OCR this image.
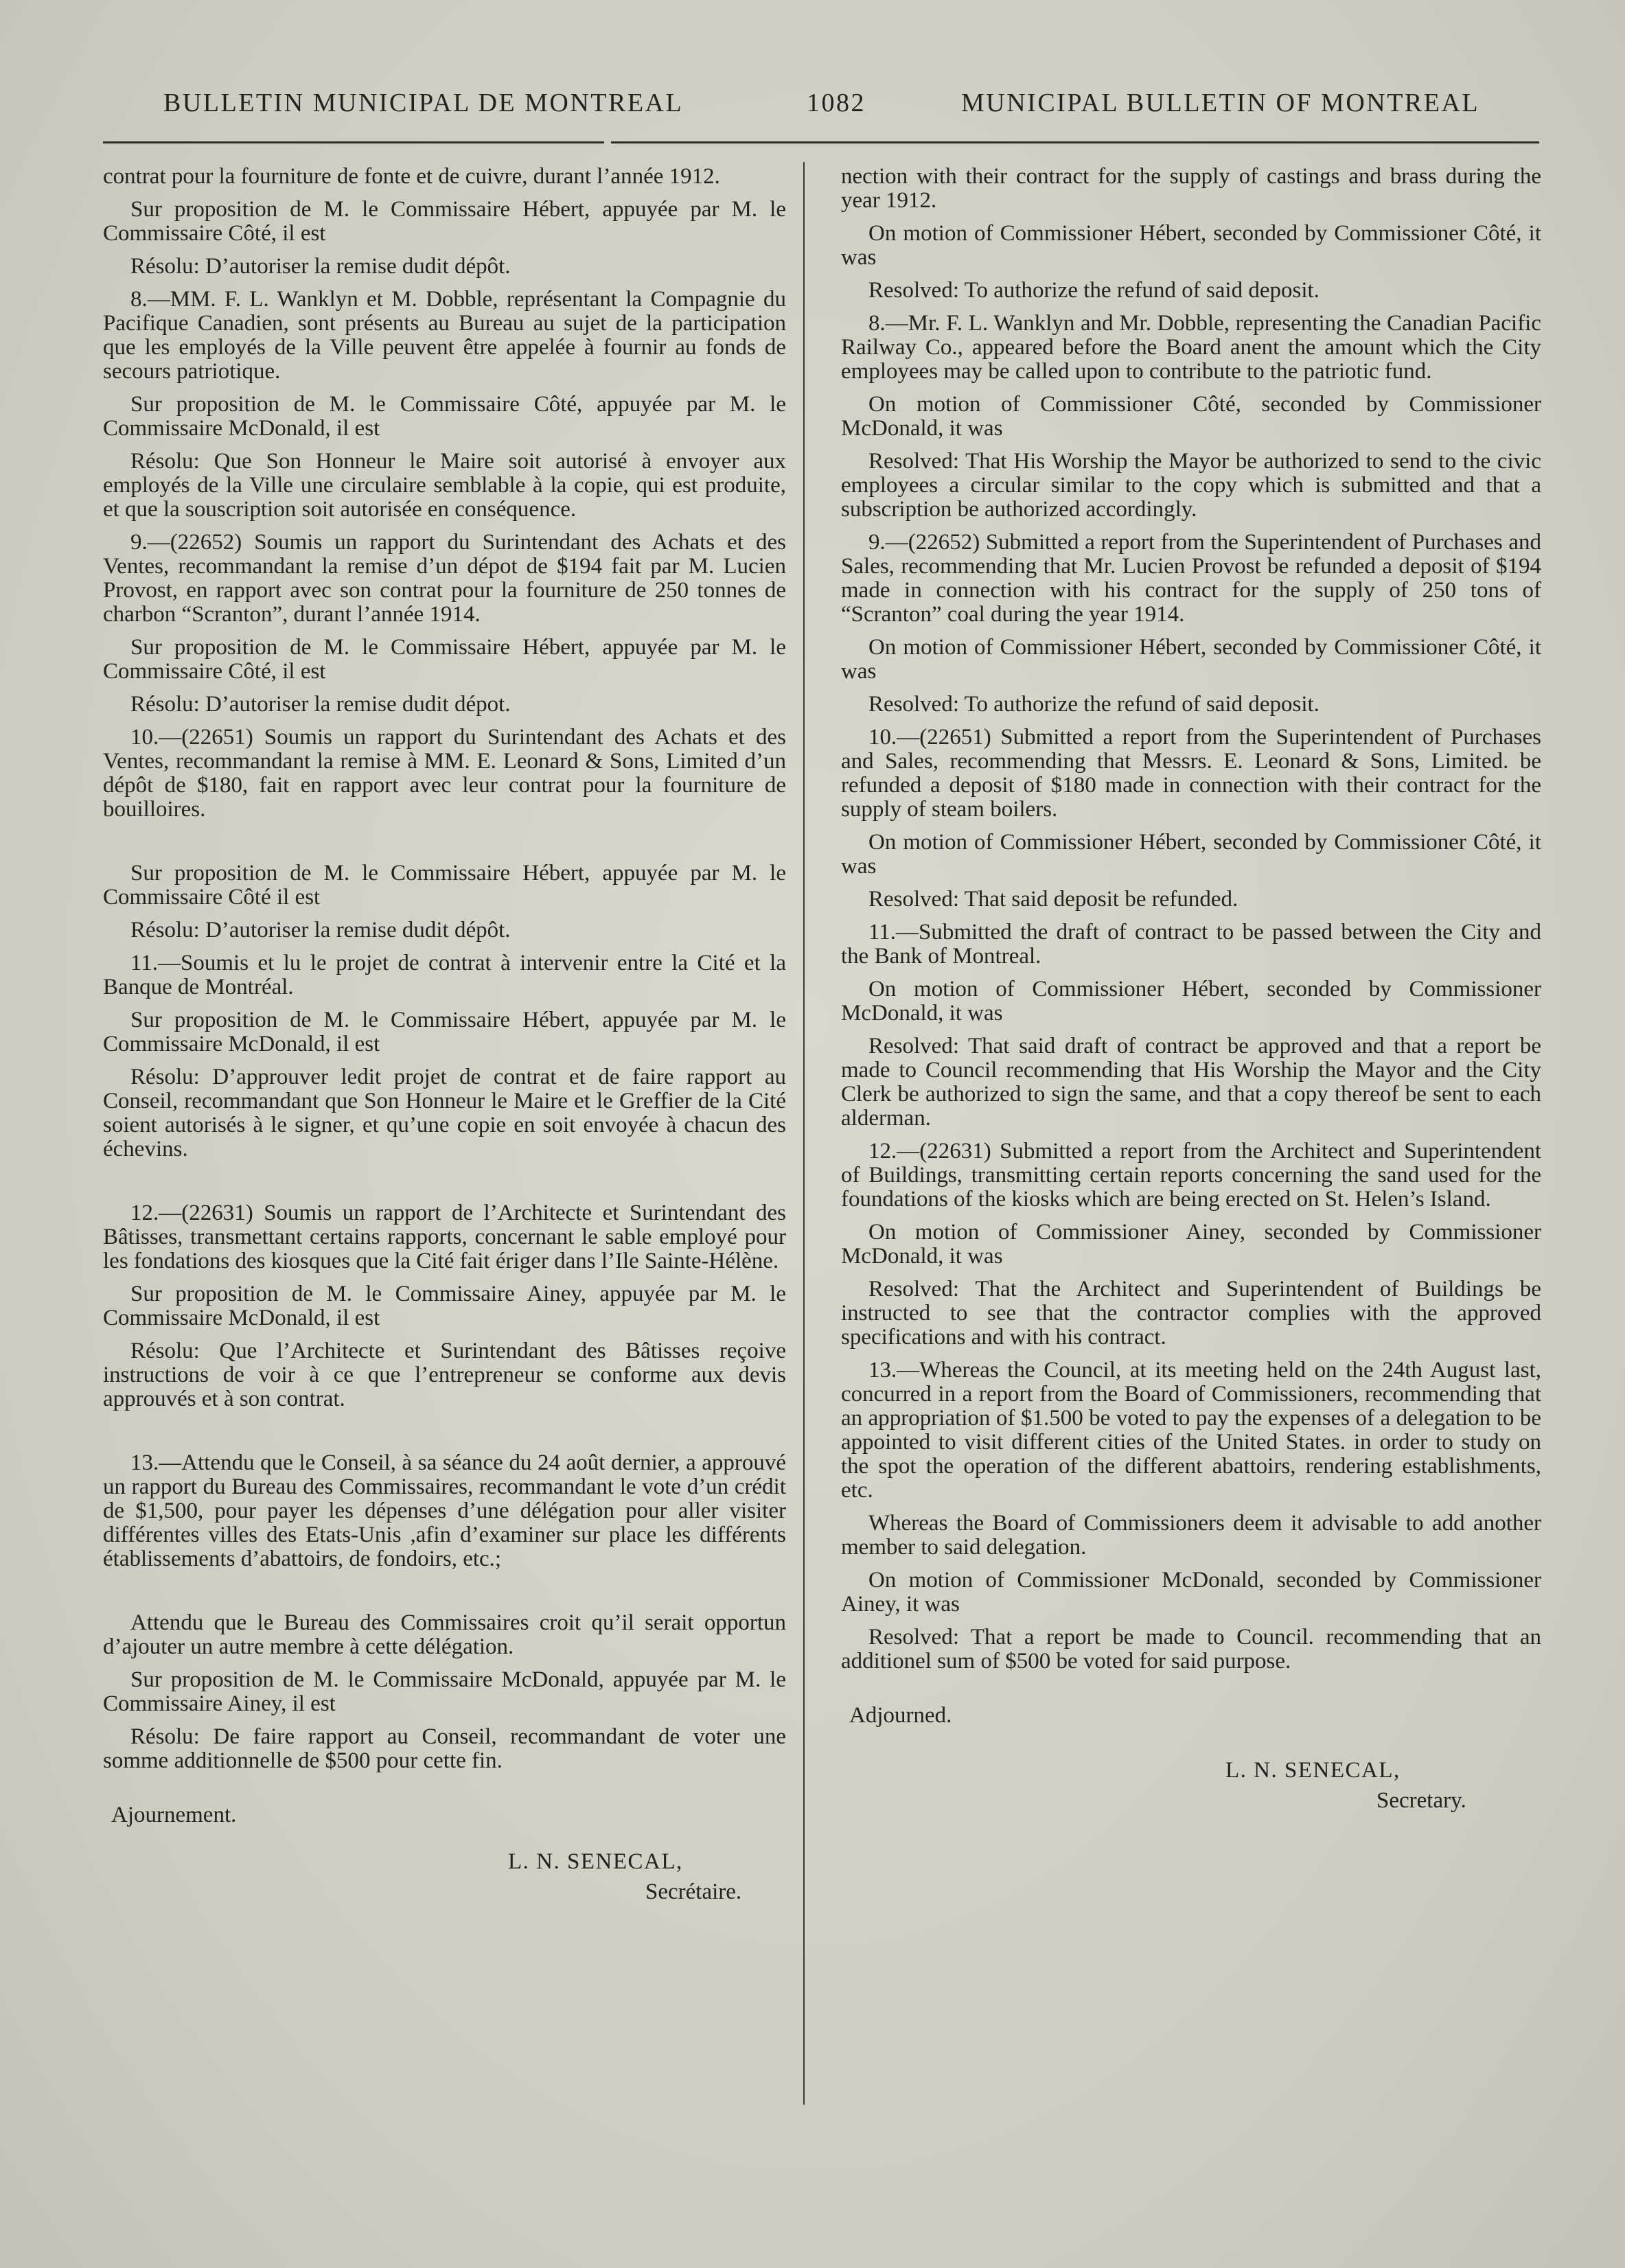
BULLETIN MUNICIPAL DE MONTREAL	1082	MUNICIPAL BULLETIN OF MONTREAL

contrat pour la fourniture de fonte et de cuivre, durant l’année 1912.

Sur proposition de M. le Commissaire Hébert, appuyée par M. le Commissaire Côté, il est

Résolu: D’autoriser la remise dudit dépôt.

8.—MM. F. L. Wanklyn et M. Dobble, représentant la Compagnie du Pacifique Canadien, sont présents au Bureau au sujet de la participation que les employés de la Ville peuvent être appelée à fournir au fonds de secours patriotique.

Sur proposition de M. le Commissaire Côté, appuyée par M. le Commissaire McDonald, il est

Résolu: Que Son Honneur le Maire soit autorisé à envoyer aux employés de la Ville une circulaire semblable à la copie, qui est produite, et que la souscription soit autorisée en conséquence.

9.—(22652) Soumis un rapport du Surintendant des Achats et des Ventes, recommandant la remise d’un dépot de $194 fait par M. Lucien Provost, en rapport avec son contrat pour la fourniture de 250 tonnes de charbon “Scranton”, durant l’année 1914.

Sur proposition de M. le Commissaire Hébert, appuyée par M. le Commissaire Côté, il est

Résolu: D’autoriser la remise dudit dépot.

10.—(22651) Soumis un rapport du Surintendant des Achats et des Ventes, recommandant la remise à MM. E. Leonard & Sons, Limited d’un dépôt de $180, fait en rapport avec leur contrat pour la fourniture de bouilloires.

Sur proposition de M. le Commissaire Hébert, appuyée par M. le Commissaire Côté il est

Résolu: D’autoriser la remise dudit dépôt.

11.—Soumis et lu le projet de contrat à intervenir entre la Cité et la Banque de Montréal.

Sur proposition de M. le Commissaire Hébert, appuyée par M. le Commissaire McDonald, il est

Résolu: D’approuver ledit projet de contrat et de faire rapport au Conseil, recommandant que Son Honneur le Maire et le Greffier de la Cité soient autorisés à le signer, et qu’une copie en soit envoyée à chacun des échevins.

12.—(22631) Soumis un rapport de l’Architecte et Surintendant des Bâtisses, transmettant certains rapports, concernant le sable employé pour les fondations des kiosques que la Cité fait ériger dans l’Ile Sainte-Hélène.

Sur proposition de M. le Commissaire Ainey, appuyée par M. le Commissaire McDonald, il est

Résolu: Que l’Architecte et Surintendant des Bâtisses reçoive instructions de voir à ce que l’entrepreneur se conforme aux devis approuvés et à son contrat.

13.—Attendu que le Conseil, à sa séance du 24 août dernier, a approuvé un rapport du Bureau des Commissaires, recommandant le vote d’un crédit de $1,500, pour payer les dépenses d’une délégation pour aller visiter différentes villes des Etats-Unis ,afin d’examiner sur place les différents établissements d’abattoirs, de fondoirs, etc.;

Attendu que le Bureau des Commissaires croit qu’il serait opportun d’ajouter un autre membre à cette délégation.

Sur proposition de M. le Commissaire McDonald, appuyée par M. le Commissaire Ainey, il est

Résolu: De faire rapport au Conseil, recommandant de voter une somme additionnelle de $500 pour cette fin.

Ajournement.

L. N. SENECAL,
Secrétaire.

nection with their contract for the supply of castings and brass during the year 1912.

On motion of Commissioner Hébert, seconded by Commissioner Côté, it was

Resolved: To authorize the refund of said deposit.

8.—Mr. F. L. Wanklyn and Mr. Dobble, representing the Canadian Pacific Railway Co., appeared before the Board anent the amount which the City employees may be called upon to contribute to the patriotic fund.

On motion of Commissioner Côté, seconded by Commissioner McDonald, it was

Resolved: That His Worship the Mayor be authorized to send to the civic employees a circular similar to the copy which is submitted and that a subscription be authorized accordingly.

9.—(22652) Submitted a report from the Superintendent of Purchases and Sales, recommending that Mr. Lucien Provost be refunded a deposit of $194 made in connection with his contract for the supply of 250 tons of “Scranton” coal during the year 1914.

On motion of Commissioner Hébert, seconded by Commissioner Côté, it was

Resolved: To authorize the refund of said deposit.

10.—(22651) Submitted a report from the Superintendent of Purchases and Sales, recommending that Messrs. E. Leonard & Sons, Limited. be refunded a deposit of $180 made in connection with their contract for the supply of steam boilers.

On motion of Commissioner Hébert, seconded by Commissioner Côté, it was

Resolved: That said deposit be refunded.

11.—Submitted the draft of contract to be passed between the City and the Bank of Montreal.

On motion of Commissioner Hébert, seconded by Commissioner McDonald, it was

Resolved: That said draft of contract be approved and that a report be made to Council recommending that His Worship the Mayor and the City Clerk be authorized to sign the same, and that a copy thereof be sent to each alderman.

12.—(22631) Submitted a report from the Architect and Superintendent of Buildings, transmitting certain reports concerning the sand used for the foundations of the kiosks which are being erected on St. Helen’s Island.

On motion of Commissioner Ainey, seconded by Commissioner McDonald, it was

Resolved: That the Architect and Superintendent of Buildings be instructed to see that the contractor complies with the approved specifications and with his contract.

13.—Whereas the Council, at its meeting held on the 24th August last, concurred in a report from the Board of Commissioners, recommending that an appropriation of $1.500 be voted to pay the expenses of a delegation to be appointed to visit different cities of the United States. in order to study on the spot the operation of the different abattoirs, rendering establishments, etc.

Whereas the Board of Commissioners deem it advisable to add another member to said delegation.

On motion of Commissioner McDonald, seconded by Commissioner Ainey, it was

Resolved: That a report be made to Council. recommending that an additionel sum of $500 be voted for said purpose.

Adjourned.

L. N. SENECAL,
Secretary.
